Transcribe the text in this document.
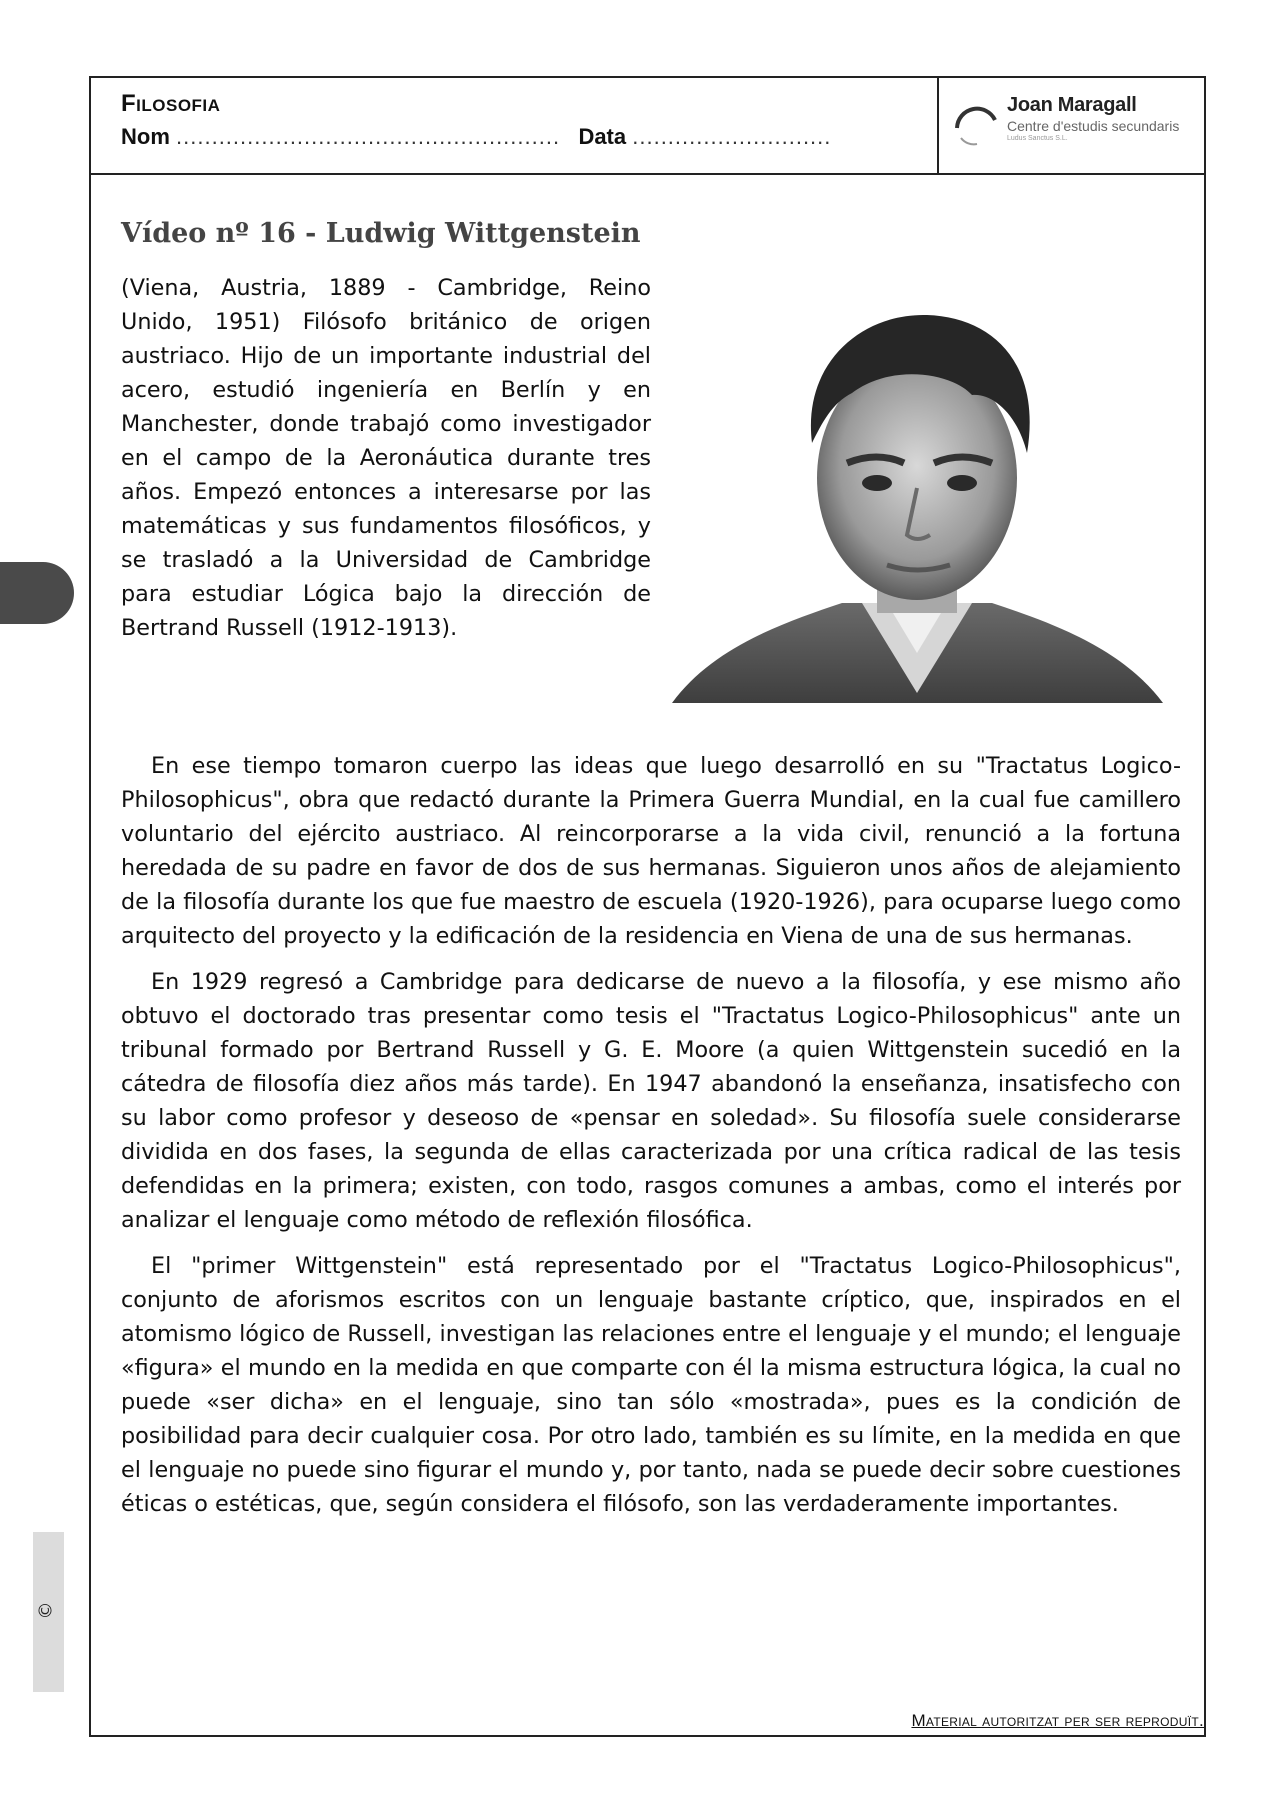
©
Filosofia
Nom ...................................................... Data ............................
Joan Maragall
Centre d'estudis secundaris
Ludus Sanctus S.L.
Vídeo nº 16 - Ludwig Wittgenstein

(Viena, Austria, 1889 - Cambridge, Reino Unido, 1951) Filósofo británico de origen austriaco. Hijo de un importante industrial del acero, estudió ingeniería en Berlín y en Manchester, donde trabajó como investigador en el campo de la Aeronáutica durante tres años. Empezó entonces a interesarse por las matemáticas y sus fundamentos filosóficos, y se trasladó a la Universidad de Cambridge para estudiar Lógica bajo la dirección de Bertrand Russell (1912-1913).

En ese tiempo tomaron cuerpo las ideas que luego desarrolló en su "Tractatus Logico-Philosophicus", obra que redactó durante la Primera Guerra Mundial, en la cual fue camillero voluntario del ejército austriaco. Al reincorporarse a la vida civil, renunció a la fortuna heredada de su padre en favor de dos de sus hermanas. Siguieron unos años de alejamiento de la filosofía durante los que fue maestro de escuela (1920-1926), para ocuparse luego como arquitecto del proyecto y la edificación de la residencia en Viena de una de sus hermanas.

En 1929 regresó a Cambridge para dedicarse de nuevo a la filosofía, y ese mismo año obtuvo el doctorado tras presentar como tesis el "Tractatus Logico-Philosophicus" ante un tribunal formado por Bertrand Russell y G. E. Moore (a quien Wittgenstein sucedió en la cátedra de filosofía diez años más tarde). En 1947 abandonó la enseñanza, insatisfecho con su labor como profesor y deseoso de «pensar en soledad». Su filosofía suele considerarse dividida en dos fases, la segunda de ellas caracterizada por una crítica radical de las tesis defendidas en la primera; existen, con todo, rasgos comunes a ambas, como el interés por analizar el lenguaje como método de reflexión filosófica.

El "primer Wittgenstein" está representado por el "Tractatus Logico-Philosophicus", conjunto de aforismos escritos con un lenguaje bastante críptico, que, inspirados en el atomismo lógico de Russell, investigan las relaciones entre el lenguaje y el mundo; el lenguaje «figura» el mundo en la medida en que comparte con él la misma estructura lógica, la cual no puede «ser dicha» en el lenguaje, sino tan sólo «mostrada», pues es la condición de posibilidad para decir cualquier cosa. Por otro lado, también es su límite, en la medida en que el lenguaje no puede sino figurar el mundo y, por tanto, nada se puede decir sobre cuestiones éticas o estéticas, que, según considera el filósofo, son las verdaderamente importantes.

Material autoritzat per ser reproduït.
